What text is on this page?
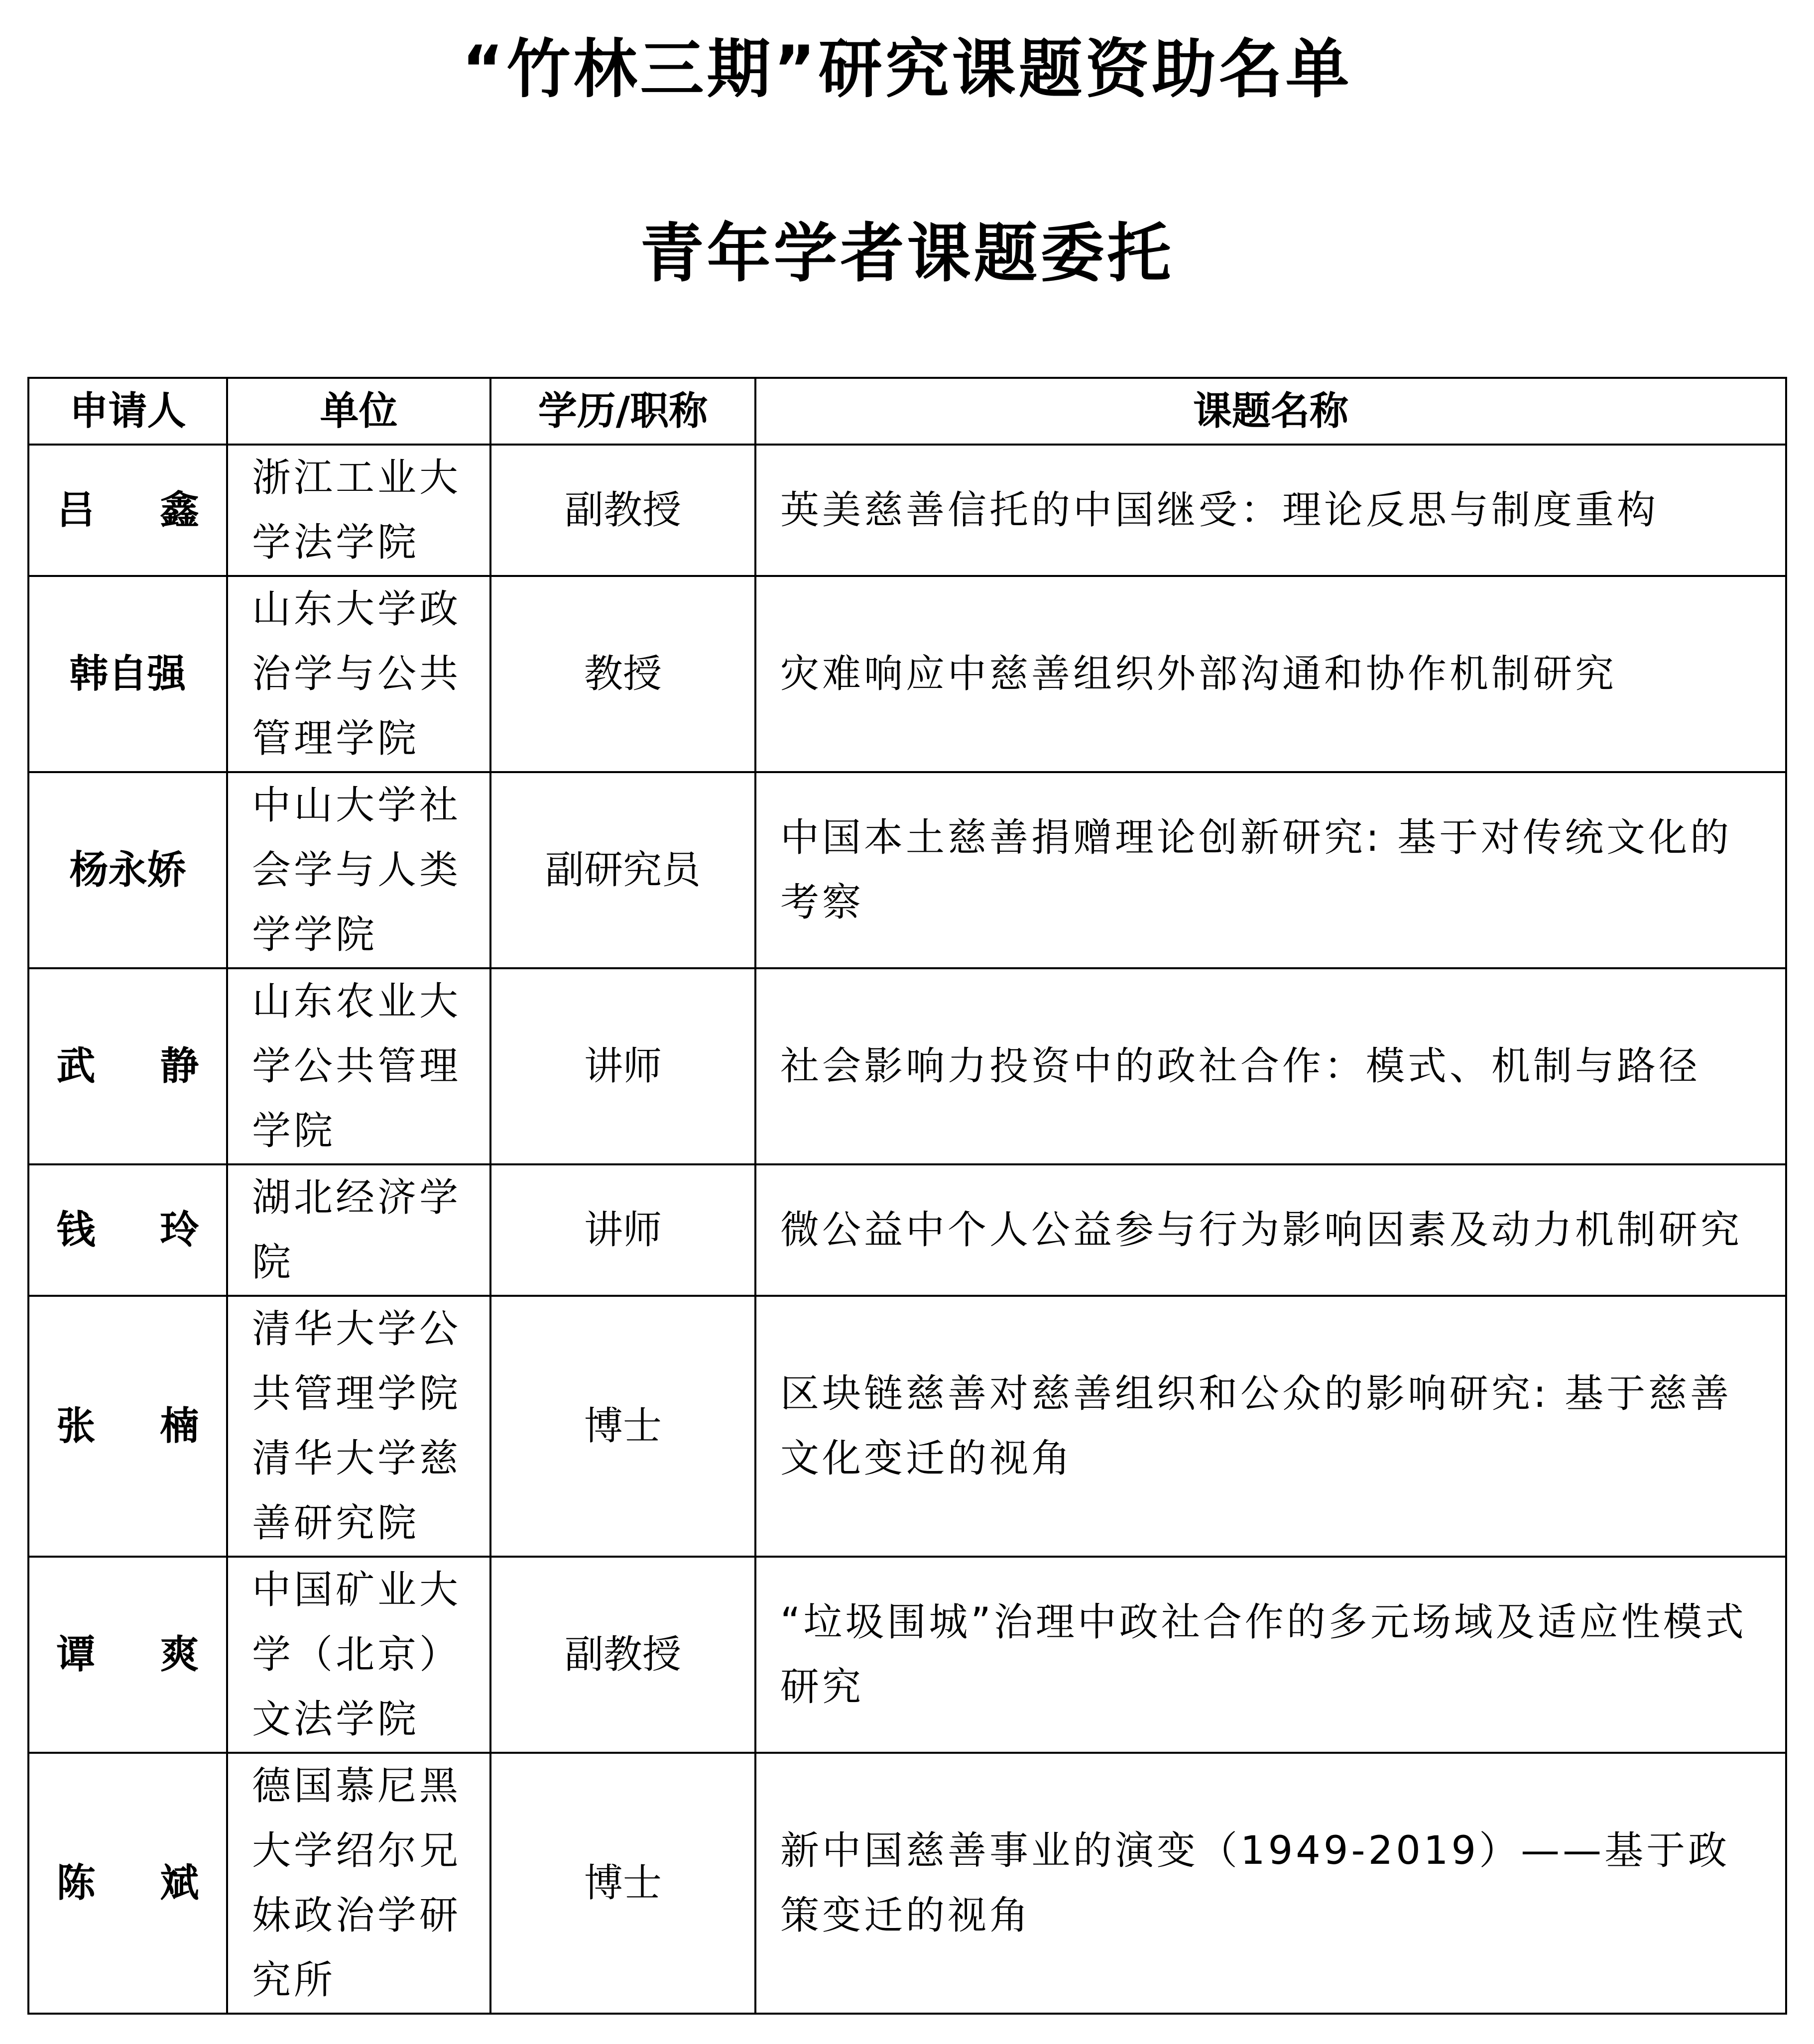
“竹林三期”研究课题资助名单
青年学者课题委托
申请人	单位	学历/职称	课题名称
吕鑫	浙江工业大学法学院	副教授	英美慈善信托的中国继受：理论反思与制度重构
韩自强	山东大学政治学与公共管理学院	教授	灾难响应中慈善组织外部沟通和协作机制研究
杨永娇	中山大学社会学与人类学学院	副研究员	中国本土慈善捐赠理论创新研究: 基于对传统文化的考察
武静	山东农业大学公共管理学院	讲师	社会影响力投资中的政社合作：模式、机制与路径
钱玲	湖北经济学院	讲师	微公益中个人公益参与行为影响因素及动力机制研究
张楠	清华大学公共管理学院清华大学慈善研究院	博士	区块链慈善对慈善组织和公众的影响研究: 基于慈善文化变迁的视角
谭爽	中国矿业大学（北京）文法学院	副教授	“垃圾围城”治理中政社合作的多元场域及适应性模式研究
陈斌	德国慕尼黑大学绍尔兄妹政治学研究所	博士	新中国慈善事业的演变（1949-2019）——基于政策变迁的视角
